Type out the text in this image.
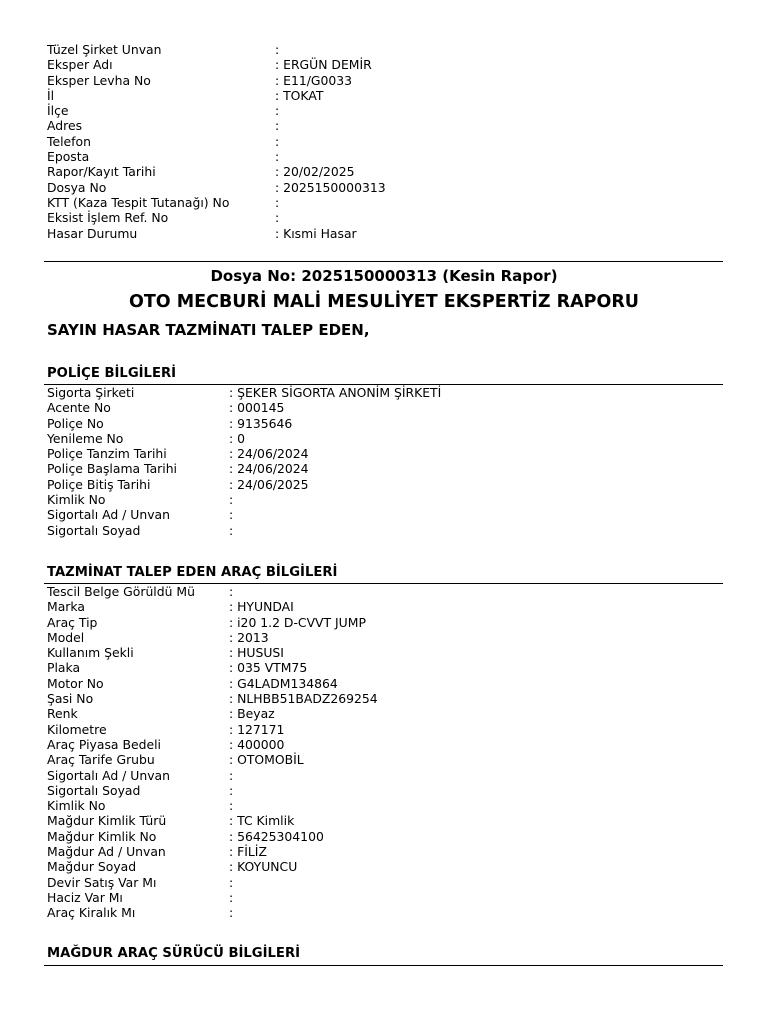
Tüzel Şirket Unvan	:
Eksper Adı	: ERGÜN DEMİR
Eksper Levha No	: E11/G0033
İl	: TOKAT
İlçe	:
Adres	:
Telefon	:
Eposta	:
Rapor/Kayıt Tarihi	: 20/02/2025
Dosya No	: 2025150000313
KTT (Kaza Tespit Tutanağı) No	:
Eksist İşlem Ref. No	:
Hasar Durumu	: Kısmi Hasar
Dosya No: 2025150000313 (Kesin Rapor)
OTO MECBURİ MALİ MESULİYET EKSPERTİZ RAPORU
SAYIN HASAR TAZMİNATI TALEP EDEN,
POLİÇE BİLGİLERİ
Sigorta Şirketi	: ŞEKER SİGORTA ANONİM ŞİRKETİ
Acente No	: 000145
Poliçe No	: 9135646
Yenileme No	: 0
Poliçe Tanzim Tarihi	: 24/06/2024
Poliçe Başlama Tarihi	: 24/06/2024
Poliçe Bitiş Tarihi	: 24/06/2025
Kimlik No	:
Sigortalı Ad / Unvan	:
Sigortalı Soyad	:
TAZMİNAT TALEP EDEN ARAÇ BİLGİLERİ
Tescil Belge Görüldü Mü	:
Marka	: HYUNDAI
Araç Tip	: i20 1.2 D-CVVT JUMP
Model	: 2013
Kullanım Şekli	: HUSUSI
Plaka	: 035 VTM75
Motor No	: G4LADM134864
Şasi No	: NLHBB51BADZ269254
Renk	: Beyaz
Kilometre	: 127171
Araç Piyasa Bedeli	: 400000
Araç Tarife Grubu	: OTOMOBİL
Sigortalı Ad / Unvan	:
Sigortalı Soyad	:
Kimlik No	:
Mağdur Kimlik Türü	: TC Kimlik
Mağdur Kimlik No	: 56425304100
Mağdur Ad / Unvan	: FİLİZ
Mağdur Soyad	: KOYUNCU
Devir Satış Var Mı	:
Haciz Var Mı	:
Araç Kiralık Mı	:
MAĞDUR ARAÇ SÜRÜCÜ BİLGİLERİ
